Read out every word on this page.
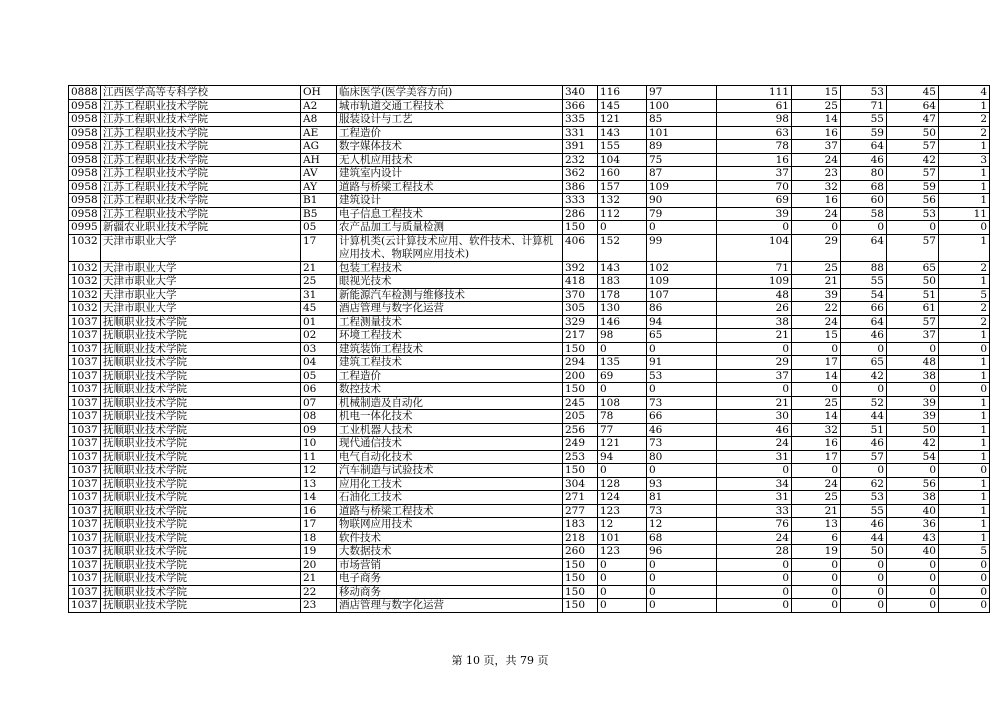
0888	江西医学高等专科学校	OH	临床医学(医学美容方向)	340	116	97	111	15	53	45	4
0958	江苏工程职业技术学院	A2	城市轨道交通工程技术	366	145	100	61	25	71	64	1
0958	江苏工程职业技术学院	A8	服装设计与工艺	335	121	85	98	14	55	47	2
0958	江苏工程职业技术学院	AE	工程造价	331	143	101	63	16	59	50	2
0958	江苏工程职业技术学院	AG	数字媒体技术	391	155	89	78	37	64	57	1
0958	江苏工程职业技术学院	AH	无人机应用技术	232	104	75	16	24	46	42	3
0958	江苏工程职业技术学院	AV	建筑室内设计	362	160	87	37	23	80	57	1
0958	江苏工程职业技术学院	AY	道路与桥梁工程技术	386	157	109	70	32	68	59	1
0958	江苏工程职业技术学院	B1	建筑设计	333	132	90	69	16	60	56	1
0958	江苏工程职业技术学院	B5	电子信息工程技术	286	112	79	39	24	58	53	11
0995	新疆农业职业技术学院	05	农产品加工与质量检测	150	0	0	0	0	0	0	0
1032	天津市职业大学	17	计算机类(云计算技术应用、软件技术、计算机应用技术、物联网应用技术)	406	152	99	104	29	64	57	1
1032	天津市职业大学	21	包装工程技术	392	143	102	71	25	88	65	2
1032	天津市职业大学	25	眼视光技术	418	183	109	109	21	55	50	1
1032	天津市职业大学	31	新能源汽车检测与维修技术	370	178	107	48	39	54	51	5
1032	天津市职业大学	45	酒店管理与数字化运营	305	130	86	26	22	66	61	2
1037	抚顺职业技术学院	01	工程测量技术	329	146	94	38	24	64	57	2
1037	抚顺职业技术学院	02	环境工程技术	217	98	65	21	15	46	37	1
1037	抚顺职业技术学院	03	建筑装饰工程技术	150	0	0	0	0	0	0	0
1037	抚顺职业技术学院	04	建筑工程技术	294	135	91	29	17	65	48	1
1037	抚顺职业技术学院	05	工程造价	200	69	53	37	14	42	38	1
1037	抚顺职业技术学院	06	数控技术	150	0	0	0	0	0	0	0
1037	抚顺职业技术学院	07	机械制造及自动化	245	108	73	21	25	52	39	1
1037	抚顺职业技术学院	08	机电一体化技术	205	78	66	30	14	44	39	1
1037	抚顺职业技术学院	09	工业机器人技术	256	77	46	46	32	51	50	1
1037	抚顺职业技术学院	10	现代通信技术	249	121	73	24	16	46	42	1
1037	抚顺职业技术学院	11	电气自动化技术	253	94	80	31	17	57	54	1
1037	抚顺职业技术学院	12	汽车制造与试验技术	150	0	0	0	0	0	0	0
1037	抚顺职业技术学院	13	应用化工技术	304	128	93	34	24	62	56	1
1037	抚顺职业技术学院	14	石油化工技术	271	124	81	31	25	53	38	1
1037	抚顺职业技术学院	16	道路与桥梁工程技术	277	123	73	33	21	55	40	1
1037	抚顺职业技术学院	17	物联网应用技术	183	12	12	76	13	46	36	1
1037	抚顺职业技术学院	18	软件技术	218	101	68	24	6	44	43	1
1037	抚顺职业技术学院	19	大数据技术	260	123	96	28	19	50	40	5
1037	抚顺职业技术学院	20	市场营销	150	0	0	0	0	0	0	0
1037	抚顺职业技术学院	21	电子商务	150	0	0	0	0	0	0	0
1037	抚顺职业技术学院	22	移动商务	150	0	0	0	0	0	0	0
1037	抚顺职业技术学院	23	酒店管理与数字化运营	150	0	0	0	0	0	0	0
第 10 页，共 79 页
